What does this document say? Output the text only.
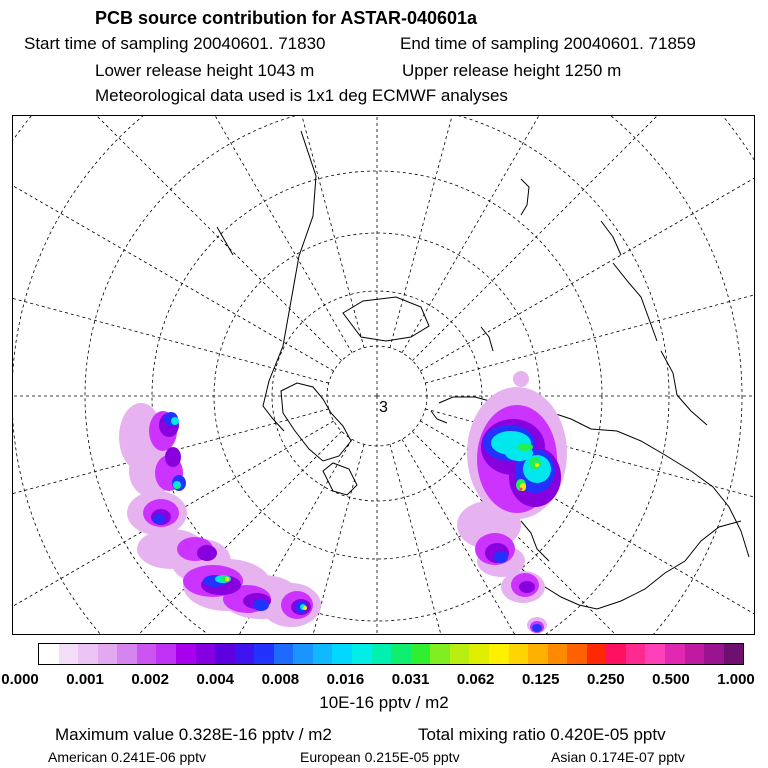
PCB source contribution for ASTAR-040601a
Start time of sampling 20040601. 71830	End time of sampling 20040601. 71859
Lower release height 1043 m	Upper release height 1250 m
Meteorological data used is 1x1 deg ECMWF analyses
3
0.000 0.001 0.002 0.004 0.008 0.016 0.031 0.062 0.125 0.250 0.500 1.000
10E-16 pptv / m2
Maximum value 0.328E-16 pptv / m2	Total mixing ratio 0.420E-05 pptv
American 0.241E-06 pptv	European 0.215E-05 pptv	Asian 0.174E-07 pptv
